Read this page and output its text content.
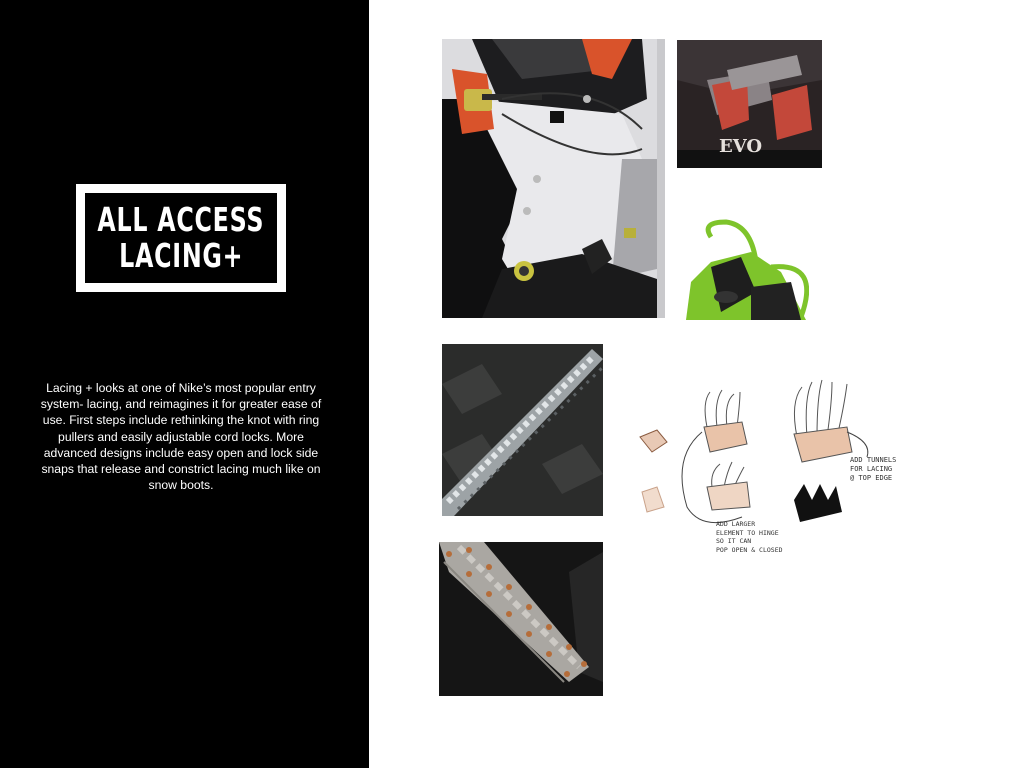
ALL ACCESS
LACING+
Lacing + looks at one of Nike’s most popular entry system- lacing, and reimagines it for greater ease of use. First steps include rethinking the knot with ring pullers and easily adjustable cord locks. More advanced designs include easy open and lock side snaps that release and constrict lacing much like on snow boots.
EVO
ADD TUNNELS
FOR LACING
@ TOP EDGE
ADD LARGER
ELEMENT TO HINGE
SO IT CAN
POP OPEN & CLOSED
